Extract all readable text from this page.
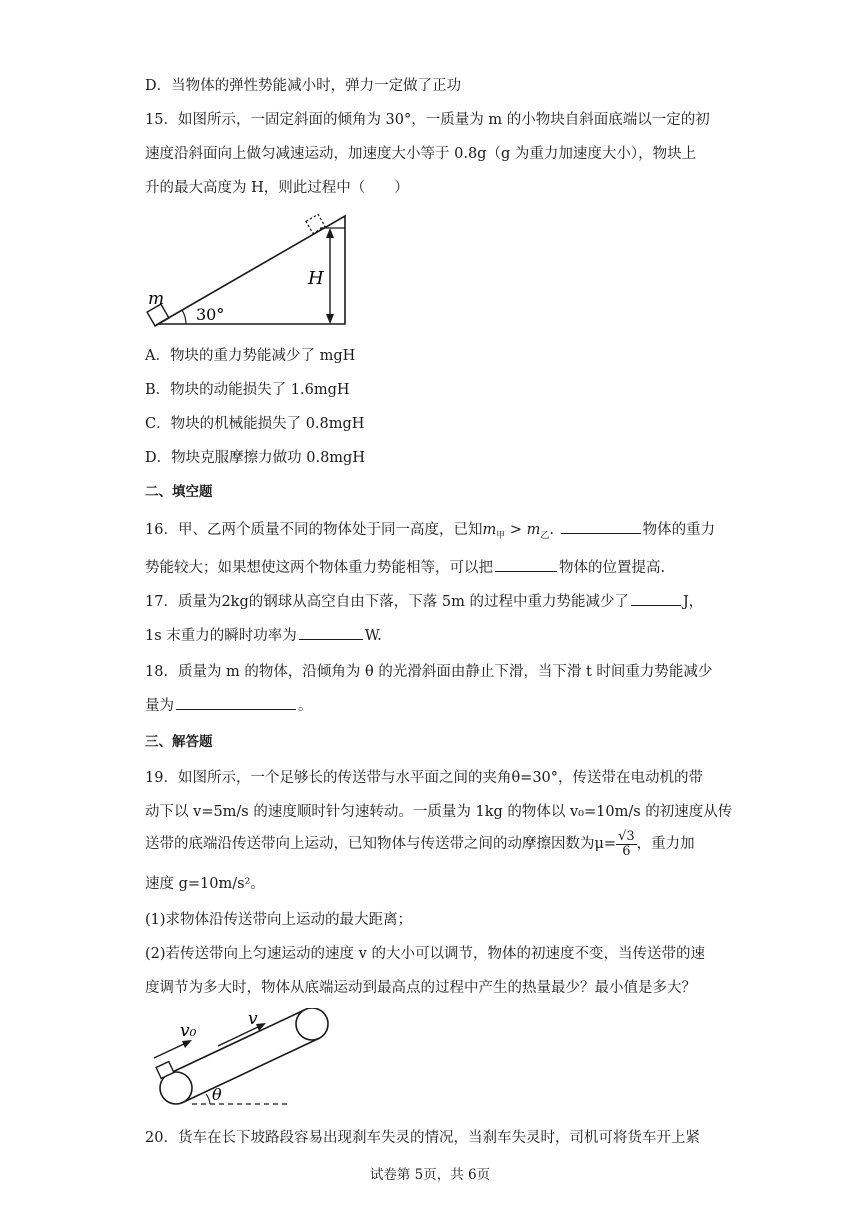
D．当物体的弹性势能减小时，弹力一定做了正功
15．如图所示，一固定斜面的倾角为 30°，一质量为 m 的小物块自斜面底端以一定的初
速度沿斜面向上做匀减速运动，加速度大小等于 0.8g（g 为重力加速度大小），物块上
升的最大高度为 H，则此过程中（　　）
m
30°
H
A．物块的重力势能减少了 mgH
B．物块的动能损失了 1.6mgH
C．物块的机械能损失了 0.8mgH
D．物块克服摩擦力做功 0.8mgH
二、填空题
16．甲、乙两个质量不同的物体处于同一高度，已知$m_甲 > m_乙$.	物体的重力
势能较大；如果想使这两个物体重力势能相等，可以把	物体的位置提高.
17．质量为2kg的钢球从高空自由下落，下落 5m 的过程中重力势能减少了	J，
1s 末重力的瞬时功率为	W.
18．质量为 m 的物体，沿倾角为 θ 的光滑斜面由静止下滑，当下滑 t 时间重力势能减少
量为	。
三、解答题
19．如图所示，一个足够长的传送带与水平面之间的夹角θ=30°，传送带在电动机的带
动下以 v=5m/s 的速度顺时针匀速转动。一质量为 1kg 的物体以 v₀=10m/s 的初速度从传
送带的底端沿传送带向上运动，已知物体与传送带之间的动摩擦因数为$\mu= \frac{√3}{6}$ ，重力加
速度 g=10m/s²。
(1)求物体沿传送带向上运动的最大距离；
(2)若传送带向上匀速运动的速度 v 的大小可以调节，物体的初速度不变，当传送带的速
度调节为多大时，物体从底端运动到最高点的过程中产生的热量最少？最小值是多大？
v₀
v
θ
20．货车在长下坡路段容易出现刹车失灵的情况，当刹车失灵时，司机可将货车开上紧
试卷第 5页，共 6页
